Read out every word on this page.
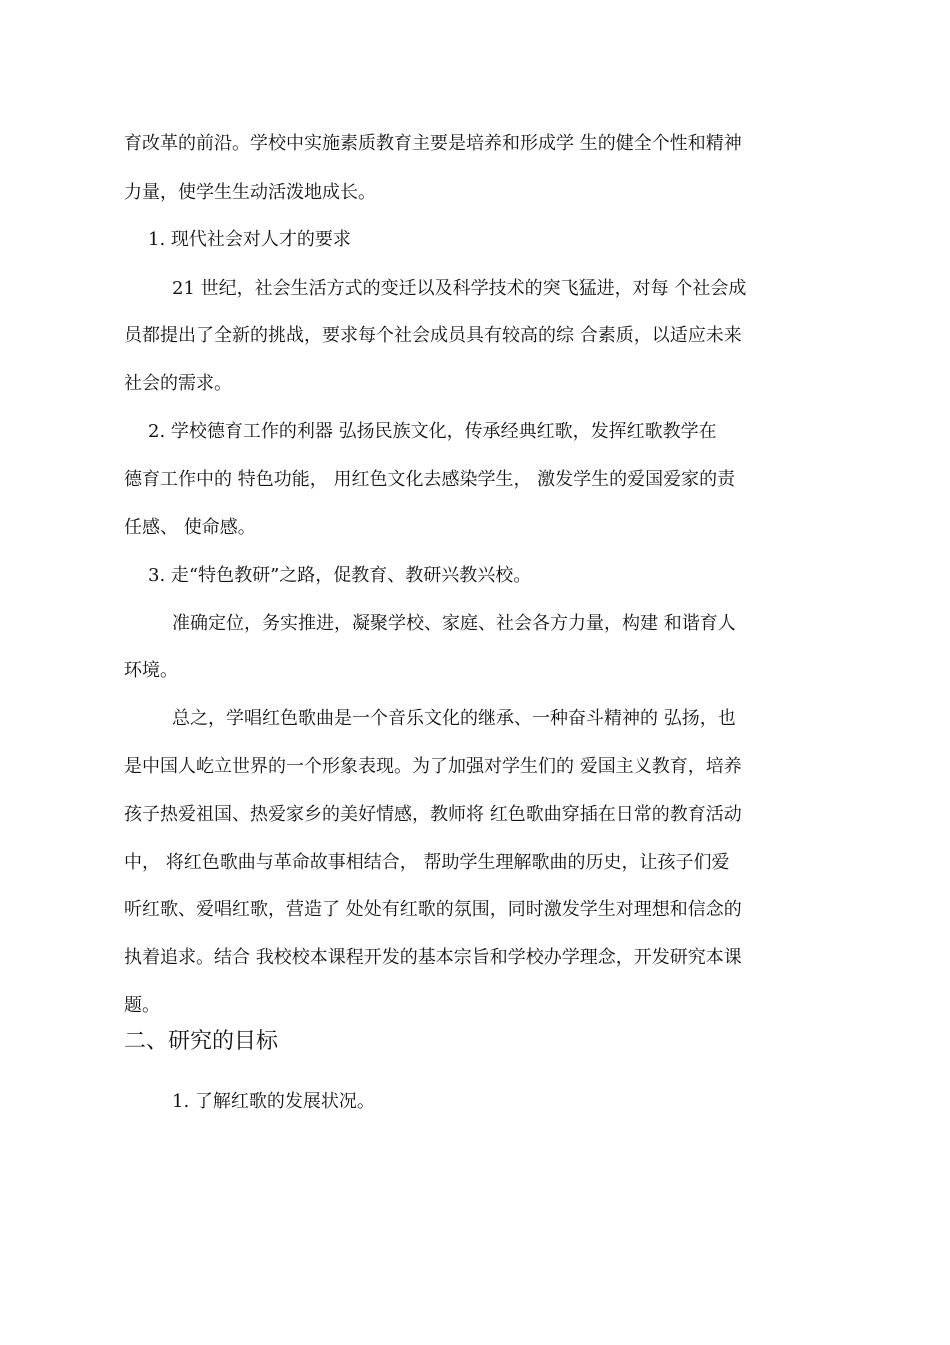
育改革的前沿。学校中实施素质教育主要是培养和形成学 生的健全个性和精神
力量，使学生生动活泼地成长。
1. 现代社会对人才的要求
21 世纪，社会生活方式的变迁以及科学技术的突飞猛进，对每 个社会成
员都提出了全新的挑战，要求每个社会成员具有较高的综 合素质，以适应未来
社会的需求。
2. 学校德育工作的利器 弘扬民族文化，传承经典红歌，发挥红歌教学在
德育工作中的 特色功能， 用红色文化去感染学生， 激发学生的爱国爱家的责
任感、 使命感。
3. 走“特色教研”之路，促教育、教研兴教兴校。
准确定位，务实推进，凝聚学校、家庭、社会各方力量，构建 和谐育人
环境。
总之，学唱红色歌曲是一个音乐文化的继承、一种奋斗精神的 弘扬，也
是中国人屹立世界的一个形象表现。为了加强对学生们的 爱国主义教育，培养
孩子热爱祖国、热爱家乡的美好情感，教师将 红色歌曲穿插在日常的教育活动
中， 将红色歌曲与革命故事相结合， 帮助学生理解歌曲的历史，让孩子们爱
听红歌、爱唱红歌，营造了 处处有红歌的氛围，同时激发学生对理想和信念的
执着追求。结合 我校校本课程开发的基本宗旨和学校办学理念，开发研究本课
题。
二、研究的目标
1. 了解红歌的发展状况。
